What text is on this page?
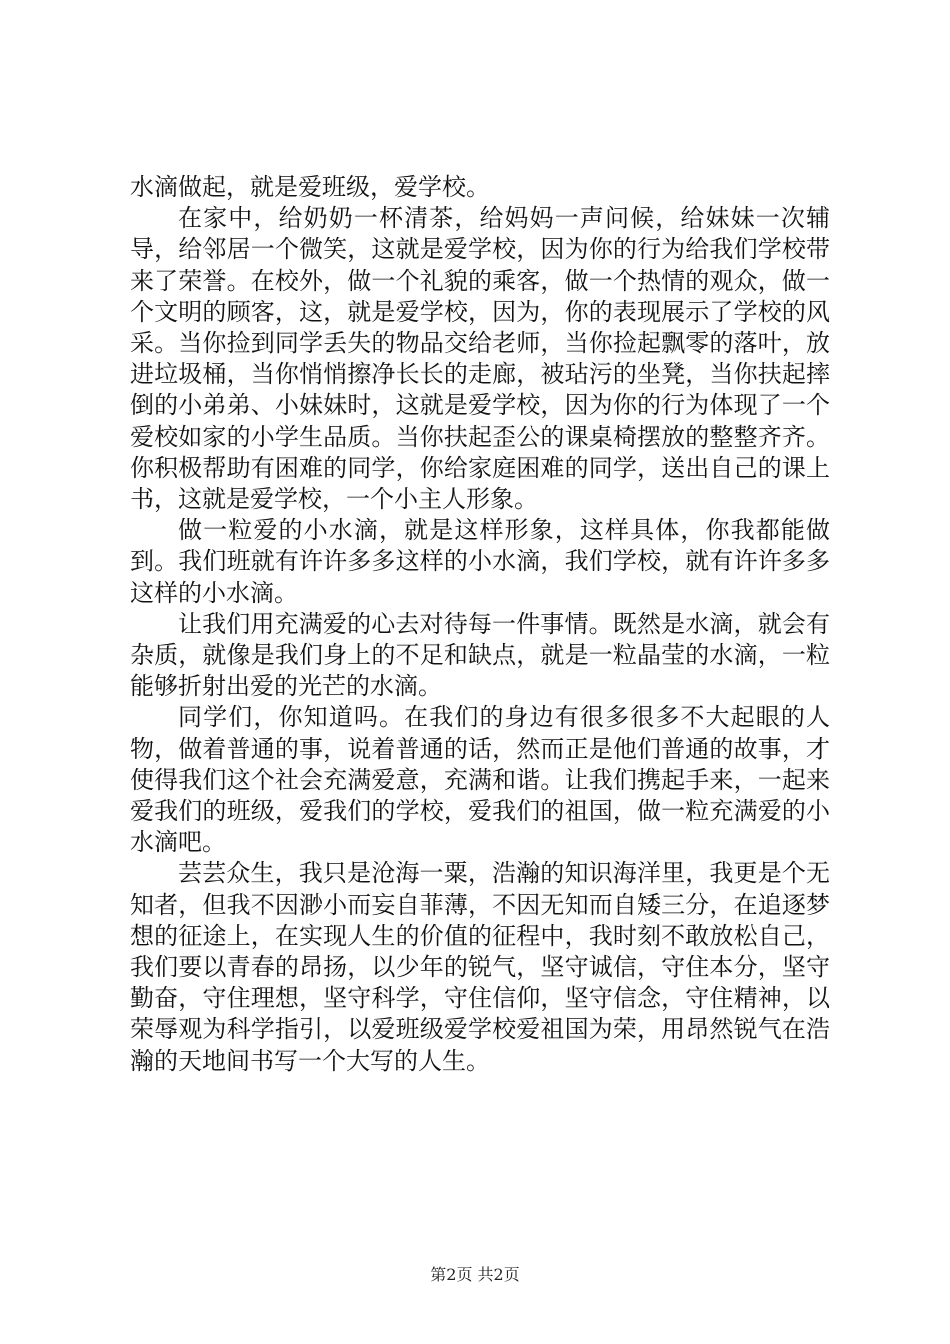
水滴做起，就是爱班级，爱学校。

在家中，给奶奶一杯清茶，给妈妈一声问候，给妹妹一次辅导，给邻居一个微笑，这就是爱学校，因为你的行为给我们学校带来了荣誉。在校外，做一个礼貌的乘客，做一个热情的观众，做一个文明的顾客，这，就是爱学校，因为，你的表现展示了学校的风采。当你捡到同学丢失的物品交给老师，当你捡起飘零的落叶，放进垃圾桶，当你悄悄擦净长长的走廊，被玷污的坐凳，当你扶起摔倒的小弟弟、小妹妹时，这就是爱学校，因为你的行为体现了一个爱校如家的小学生品质。当你扶起歪公的课桌椅摆放的整整齐齐。你积极帮助有困难的同学，你给家庭困难的同学，送出自己的课上书，这就是爱学校，一个小主人形象。

做一粒爱的小水滴，就是这样形象，这样具体，你我都能做到。我们班就有许许多多这样的小水滴，我们学校，就有许许多多这样的小水滴。

让我们用充满爱的心去对待每一件事情。既然是水滴，就会有杂质，就像是我们身上的不足和缺点，就是一粒晶莹的水滴，一粒能够折射出爱的光芒的水滴。

同学们，你知道吗。在我们的身边有很多很多不大起眼的人物，做着普通的事，说着普通的话，然而正是他们普通的故事，才使得我们这个社会充满爱意，充满和谐。让我们携起手来，一起来爱我们的班级，爱我们的学校，爱我们的祖国，做一粒充满爱的小水滴吧。

芸芸众生，我只是沧海一粟，浩瀚的知识海洋里，我更是个无知者，但我不因渺小而妄自菲薄，不因无知而自矮三分，在追逐梦想的征途上，在实现人生的价值的征程中，我时刻不敢放松自己，我们要以青春的昂扬，以少年的锐气，坚守诚信，守住本分，坚守勤奋，守住理想，坚守科学，守住信仰，坚守信念，守住精神，以荣辱观为科学指引，以爱班级爱学校爱祖国为荣，用昂然锐气在浩瀚的天地间书写一个大写的人生。

第2页 共2页
